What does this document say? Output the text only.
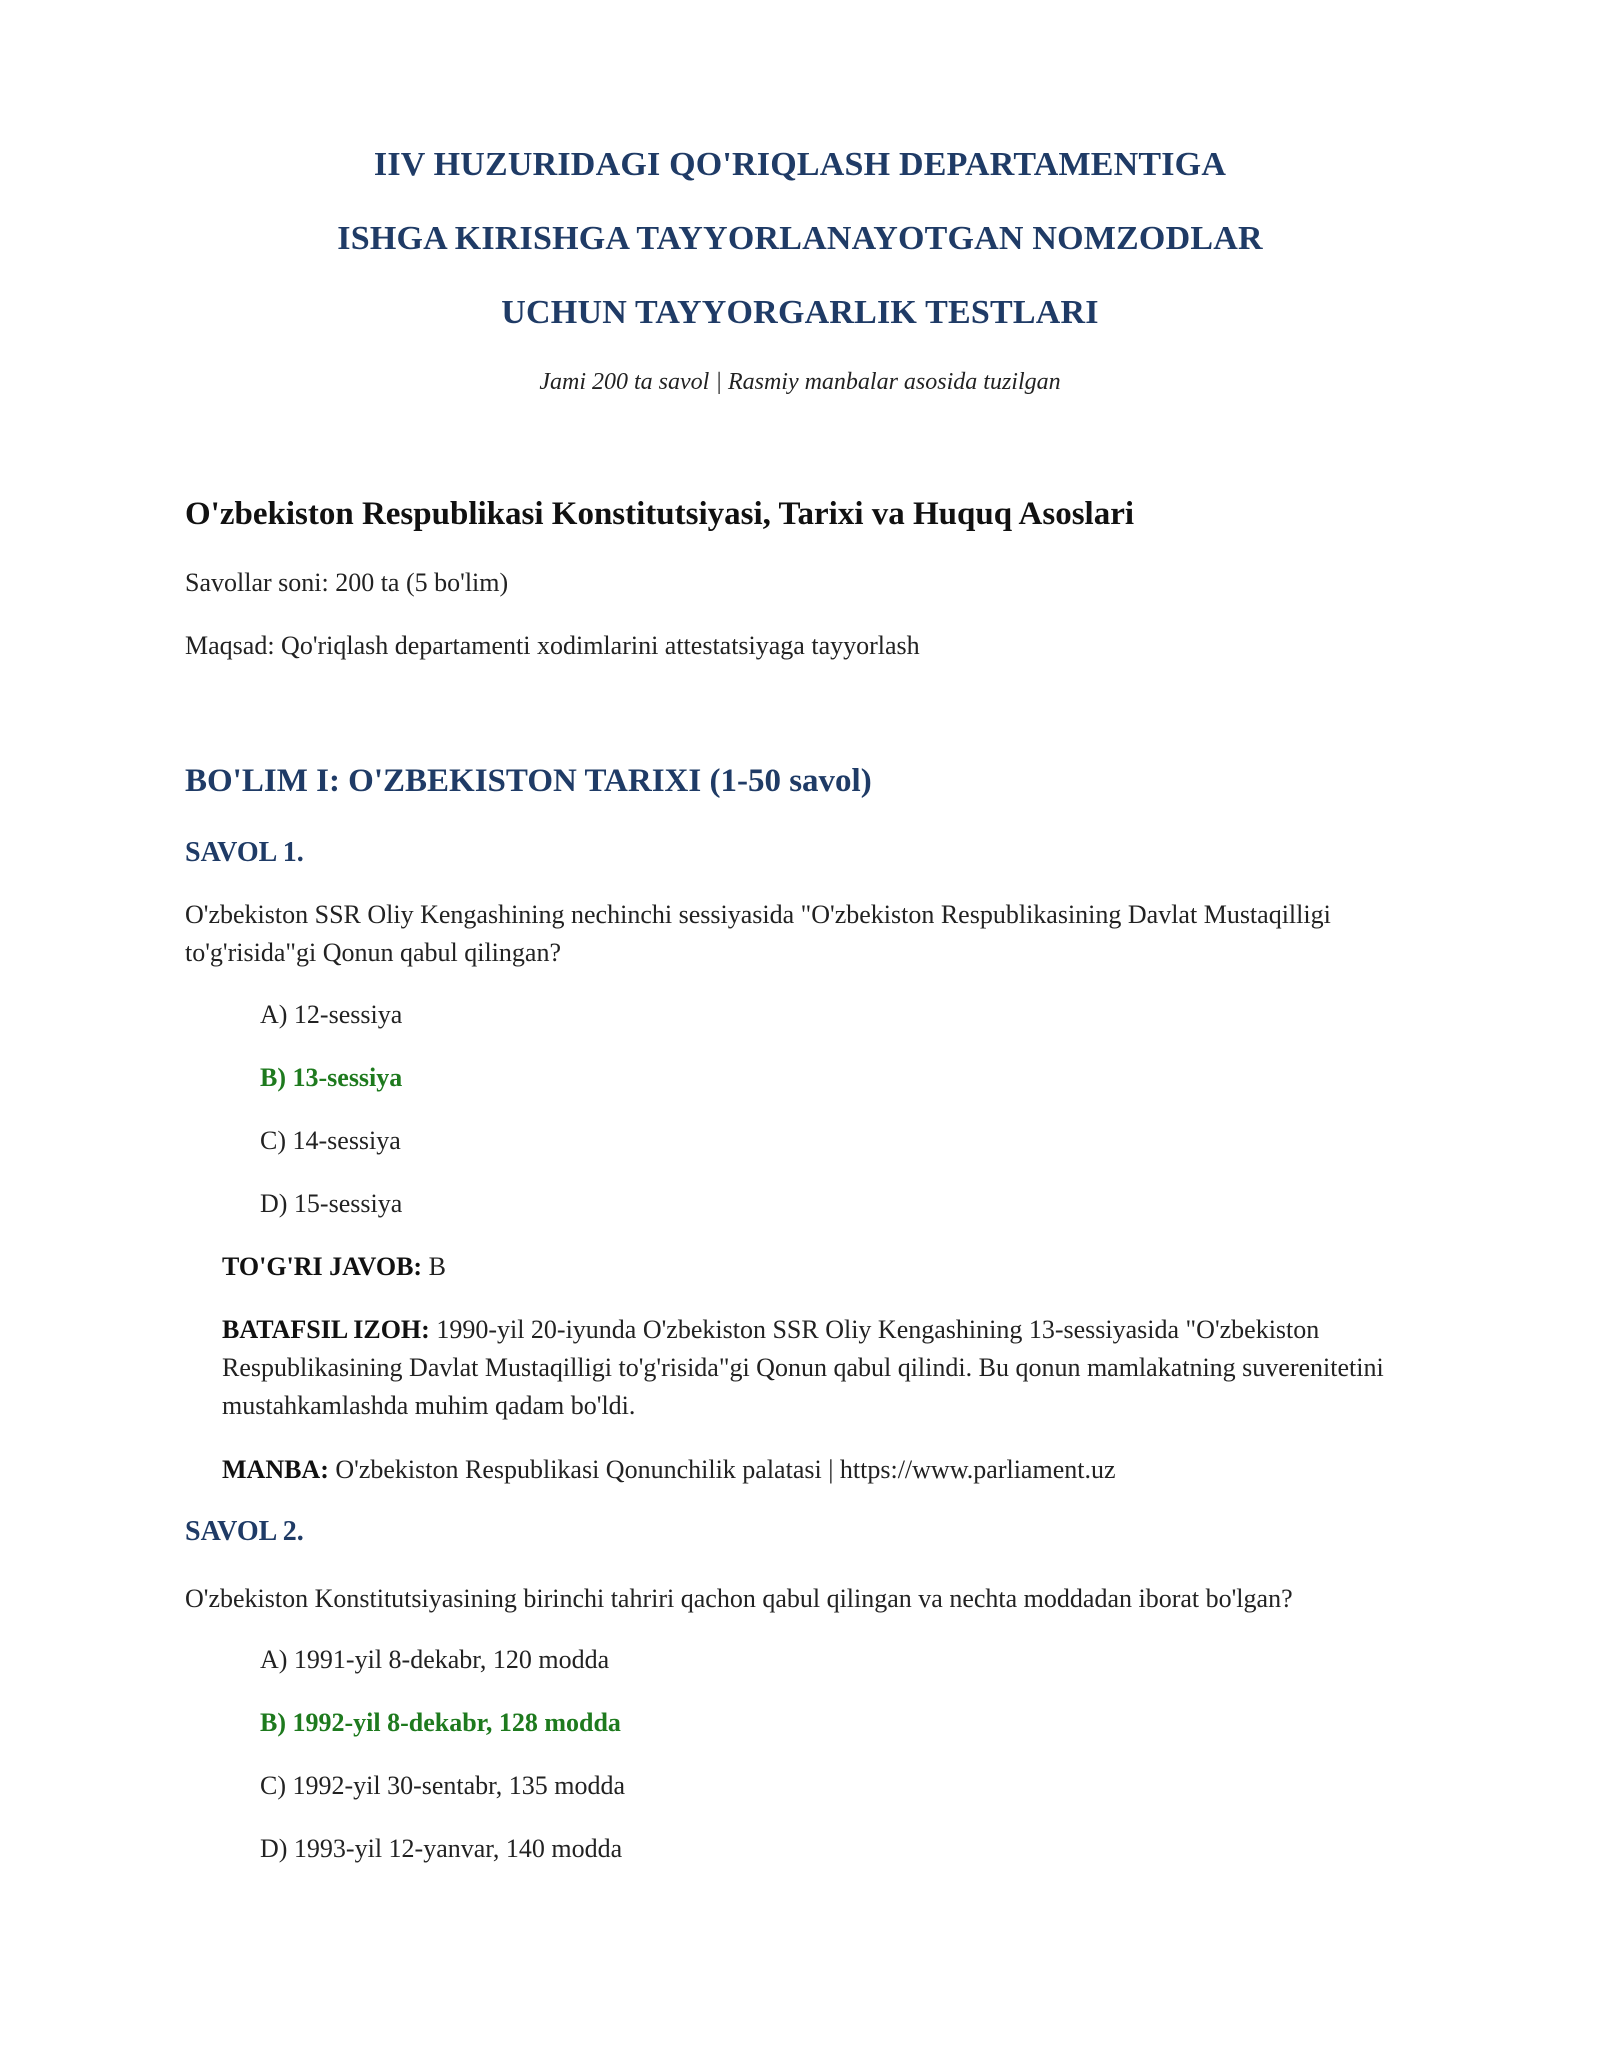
IIV HUZURIDAGI QO'RIQLASH DEPARTAMENTIGA
ISHGA KIRISHGA TAYYORLANAYOTGAN NOMZODLAR
UCHUN TAYYORGARLIK TESTLARI
Jami 200 ta savol | Rasmiy manbalar asosida tuzilgan
O'zbekiston Respublikasi Konstitutsiyasi, Tarixi va Huquq Asoslari
Savollar soni: 200 ta (5 bo'lim)
Maqsad: Qo'riqlash departamenti xodimlarini attestatsiyaga tayyorlash
BO'LIM I: O'ZBEKISTON TARIXI (1-50 savol)
SAVOL 1.
O'zbekiston SSR Oliy Kengashining nechinchi sessiyasida "O'zbekiston Respublikasining Davlat Mustaqilligi to'g'risida"gi Qonun qabul qilingan?
A) 12-sessiya
B) 13-sessiya
C) 14-sessiya
D) 15-sessiya
TO'G'RI JAVOB: B
BATAFSIL IZOH: 1990-yil 20-iyunda O'zbekiston SSR Oliy Kengashining 13-sessiyasida "O'zbekiston Respublikasining Davlat Mustaqilligi to'g'risida"gi Qonun qabul qilindi. Bu qonun mamlakatning suverenitetini mustahkamlashda muhim qadam bo'ldi.
MANBA: O'zbekiston Respublikasi Qonunchilik palatasi | https://www.parliament.uz
SAVOL 2.
O'zbekiston Konstitutsiyasining birinchi tahriri qachon qabul qilingan va nechta moddadan iborat bo'lgan?
A) 1991-yil 8-dekabr, 120 modda
B) 1992-yil 8-dekabr, 128 modda
C) 1992-yil 30-sentabr, 135 modda
D) 1993-yil 12-yanvar, 140 modda
